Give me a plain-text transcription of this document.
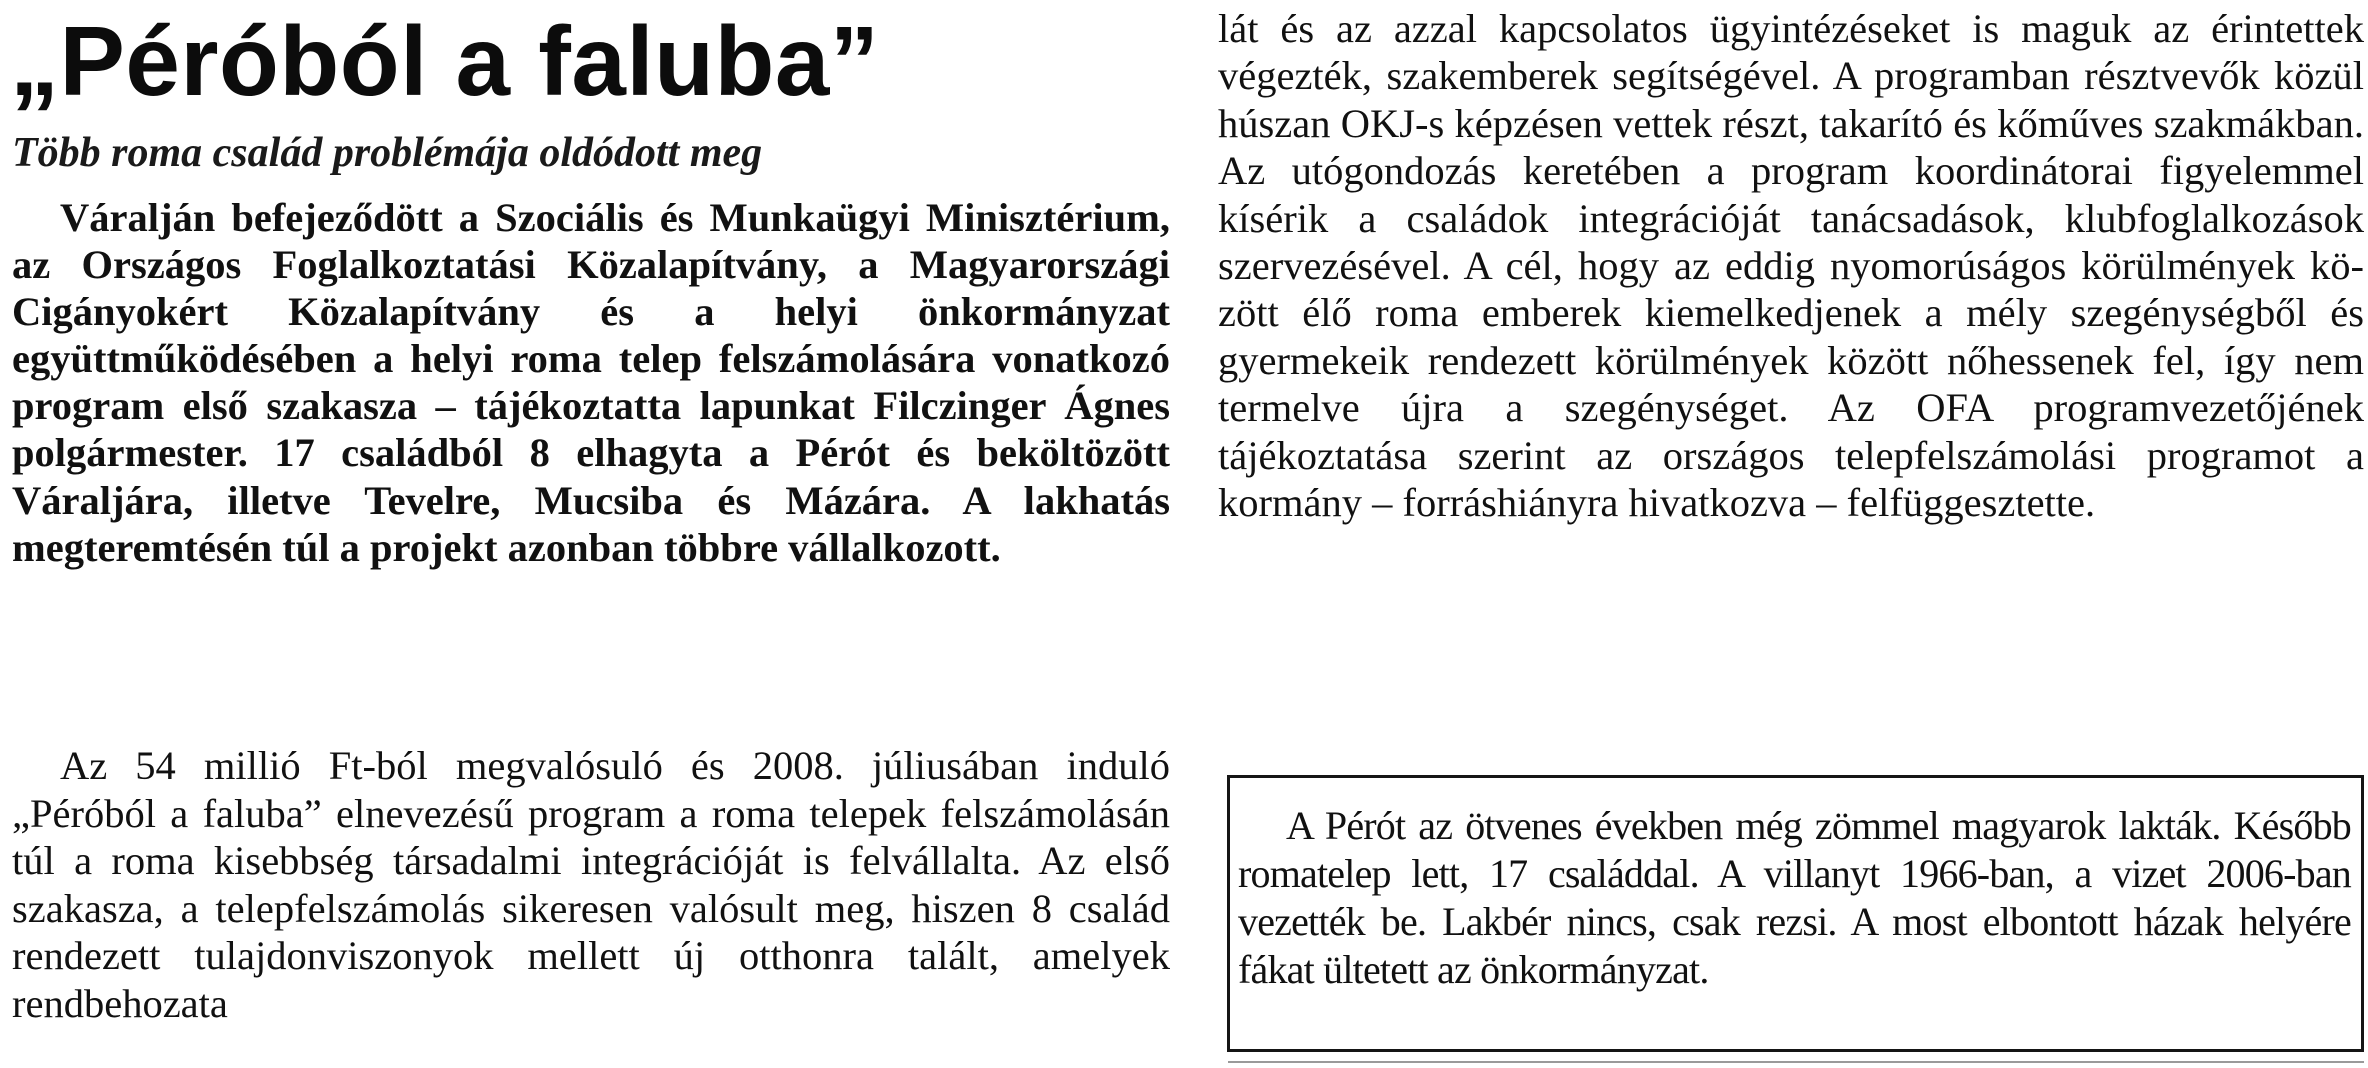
„Péróból a faluba”
Több roma család problémája oldódott meg

Váralján befejeződött a Szociális és Munkaügyi Minisztérium, az Országos Foglalkoztatási Közalapítvány, a Magyarországi Cigányokért Közalapítvány és a helyi önkormányzat együttműködésében a helyi roma telep felszámolására vonatkozó program első szakasza – tájékoztatta lapunkat Filczinger Ágnes polgármester. 17 családból 8 elhagyta a Pérót és beköltözött Váraljára, illetve Tevelre, Mucsiba és Mázára. A lakhatás megteremtésén túl a projekt azonban többre vállalkozott.

Az 54 millió Ft-ból megvalósuló és 2008. júliusában induló „Péróból a faluba” elnevezésű program a roma telepek felszámolásán túl a roma kisebbség társadalmi integrációját is felvállalta. Az első szakasza, a telepfelszámolás sikeresen valósult meg, hiszen 8 család rendezett tulajdonviszonyok mellett új otthonra talált, amelyek rendbehozata

lát és az azzal kapcsolatos ügyintézéseket is maguk az érintettek végezték, szakemberek segítségével. A programban résztvevők közül húszan OKJ-s képzésen vettek részt, takarító és kőműves szakmákban. Az utógondozás keretében a program koordinátorai figyelemmel kísérik a családok integrációját tanácsadások, klubfoglalkozások szervezésével. A cél, hogy az eddig nyomorúságos körülmények között élő roma emberek kiemelkedjenek a mély szegénységből és gyermekeik rendezett körülmények között nőhessenek fel, így nem termelve újra a szegénységet. Az OFA programvezetőjének tájékoztatása szerint az országos telepfelszámolási programot a kormány – forráshiányra hivatkozva – felfüggesztette.

A Pérót az ötvenes években még zömmel magyarok lakták. Később romatelep lett, 17 családdal. A villanyt 1966-ban, a vizet 2006-ban vezették be. Lakbér nincs, csak rezsi. A most elbontott házak helyére fákat ültetett az önkormányzat.
